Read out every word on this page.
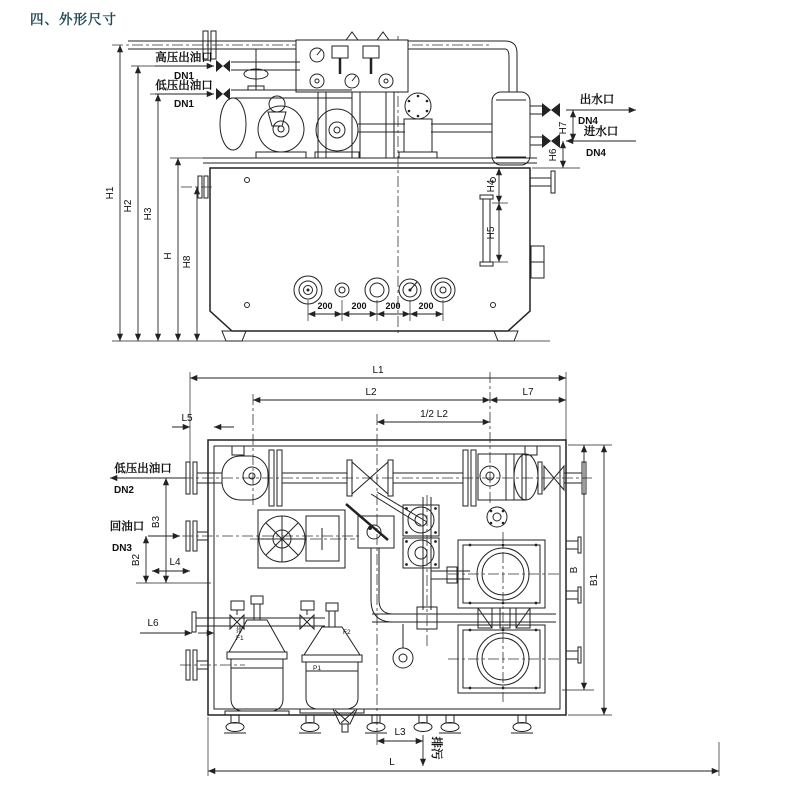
四、外形尺寸
200 200 200 200
出水口
DN4
进水口
DN4
H7
H6
H4
H5
高压出油口
DN1
低压出油口
DN1
H1
H2
H3
H H8
L1
L2	L7
1/2 L2
L5
低压出油口
DN2
回油口
DN3
B3
B2	L4
L6
排
F1
F2
P1
L3
排污
L
B
B1
